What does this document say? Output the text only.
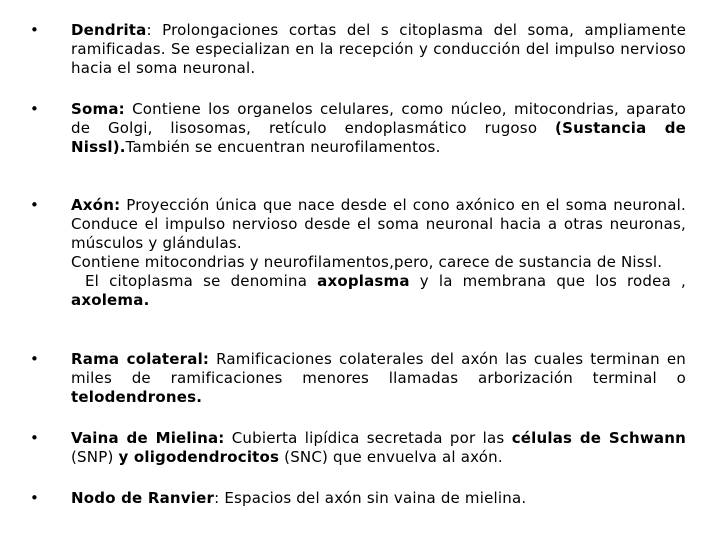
• Dendrita: Prolongaciones cortas del s citoplasma del soma, ampliamente ramificadas. Se especializan en la recepción y conducción del impulso nervioso hacia el soma neuronal.
• Soma: Contiene los organelos celulares, como núcleo, mitocondrias, aparato de Golgi, lisosomas, retículo endoplasmático rugoso (Sustancia de Nissl).También se encuentran neurofilamentos.
• Axón: Proyección única que nace desde el cono axónico en el soma neuronal. Conduce el impulso nervioso desde el soma neuronal hacia a otras neuronas, músculos y glándulas.
Contiene mitocondrias y neurofilamentos,pero, carece de sustancia de Nissl.
El citoplasma se denomina axoplasma y la membrana que los rodea , axolema.
• Rama colateral: Ramificaciones colaterales del axón las cuales terminan en miles de ramificaciones menores llamadas arborización terminal o telodendrones.
• Vaina de Mielina: Cubierta lipídica secretada por las células de Schwann (SNP) y oligodendrocitos (SNC) que envuelva al axón.
• Nodo de Ranvier: Espacios del axón sin vaina de mielina.
